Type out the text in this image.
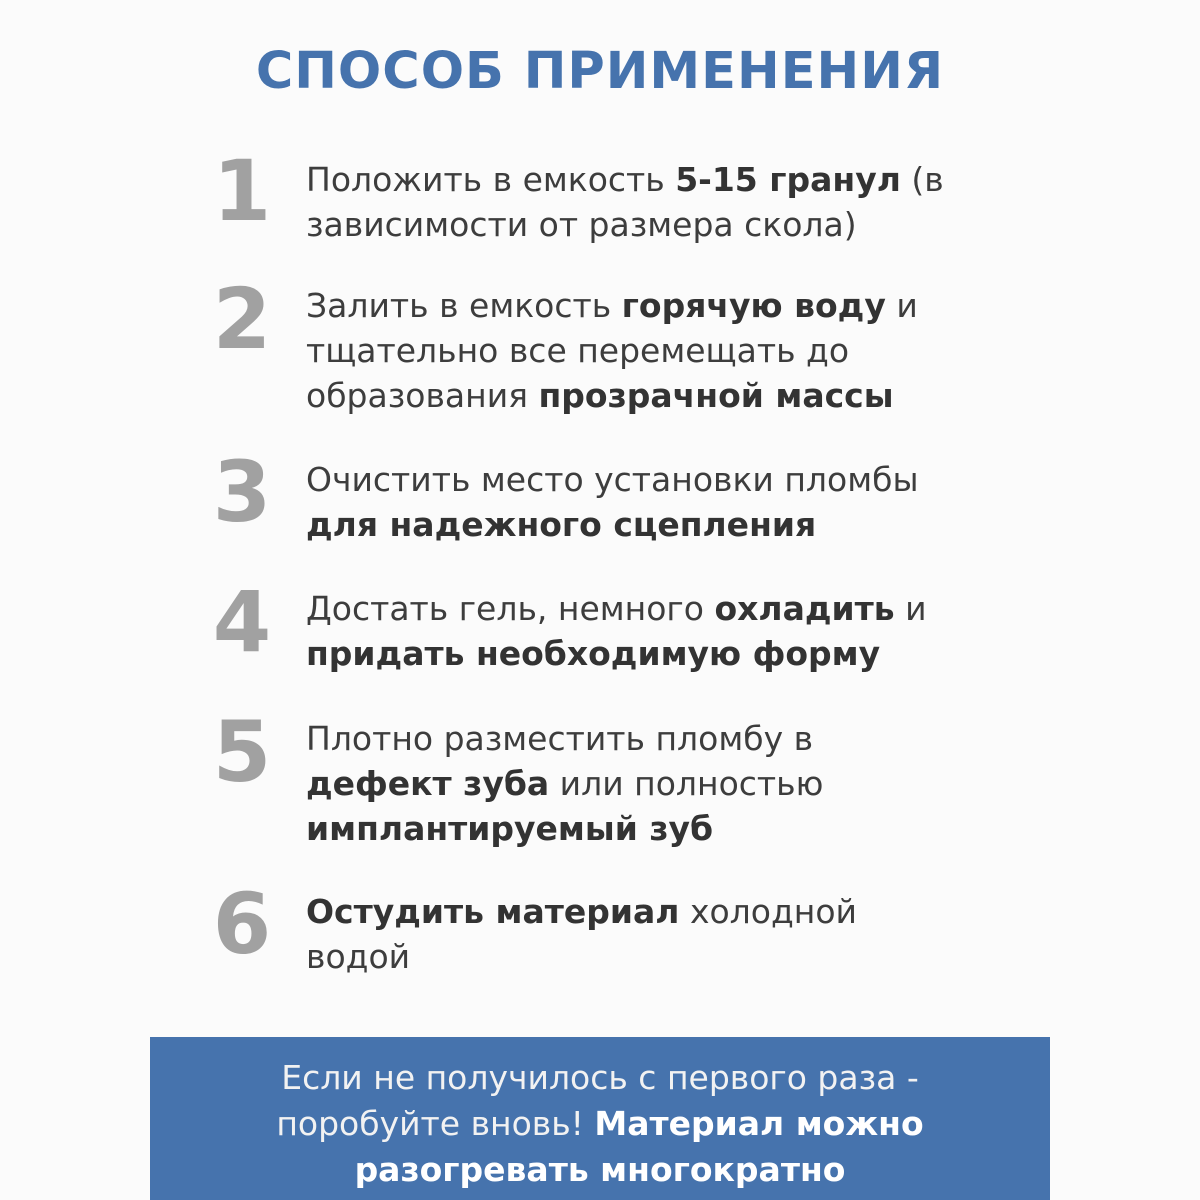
СПОСОБ ПРИМЕНЕНИЯ
1	Положить в емкость 5-15 гранул (в
зависимости от размера скола)

2	Залить в емкость горячую воду и
тщательно все перемещать до
образования прозрачной массы

3	Очистить место установки пломбы
для надежного сцепления

4	Достать гель, немного охладить и
придать необходимую форму

5	Плотно разместить пломбу в
дефект зуба или полностью
имплантируемый зуб

6	Остудить материал холодной
водой

Если не получилось с первого раза -
поробуйте вновь! Материал можно
разогревать многократно
